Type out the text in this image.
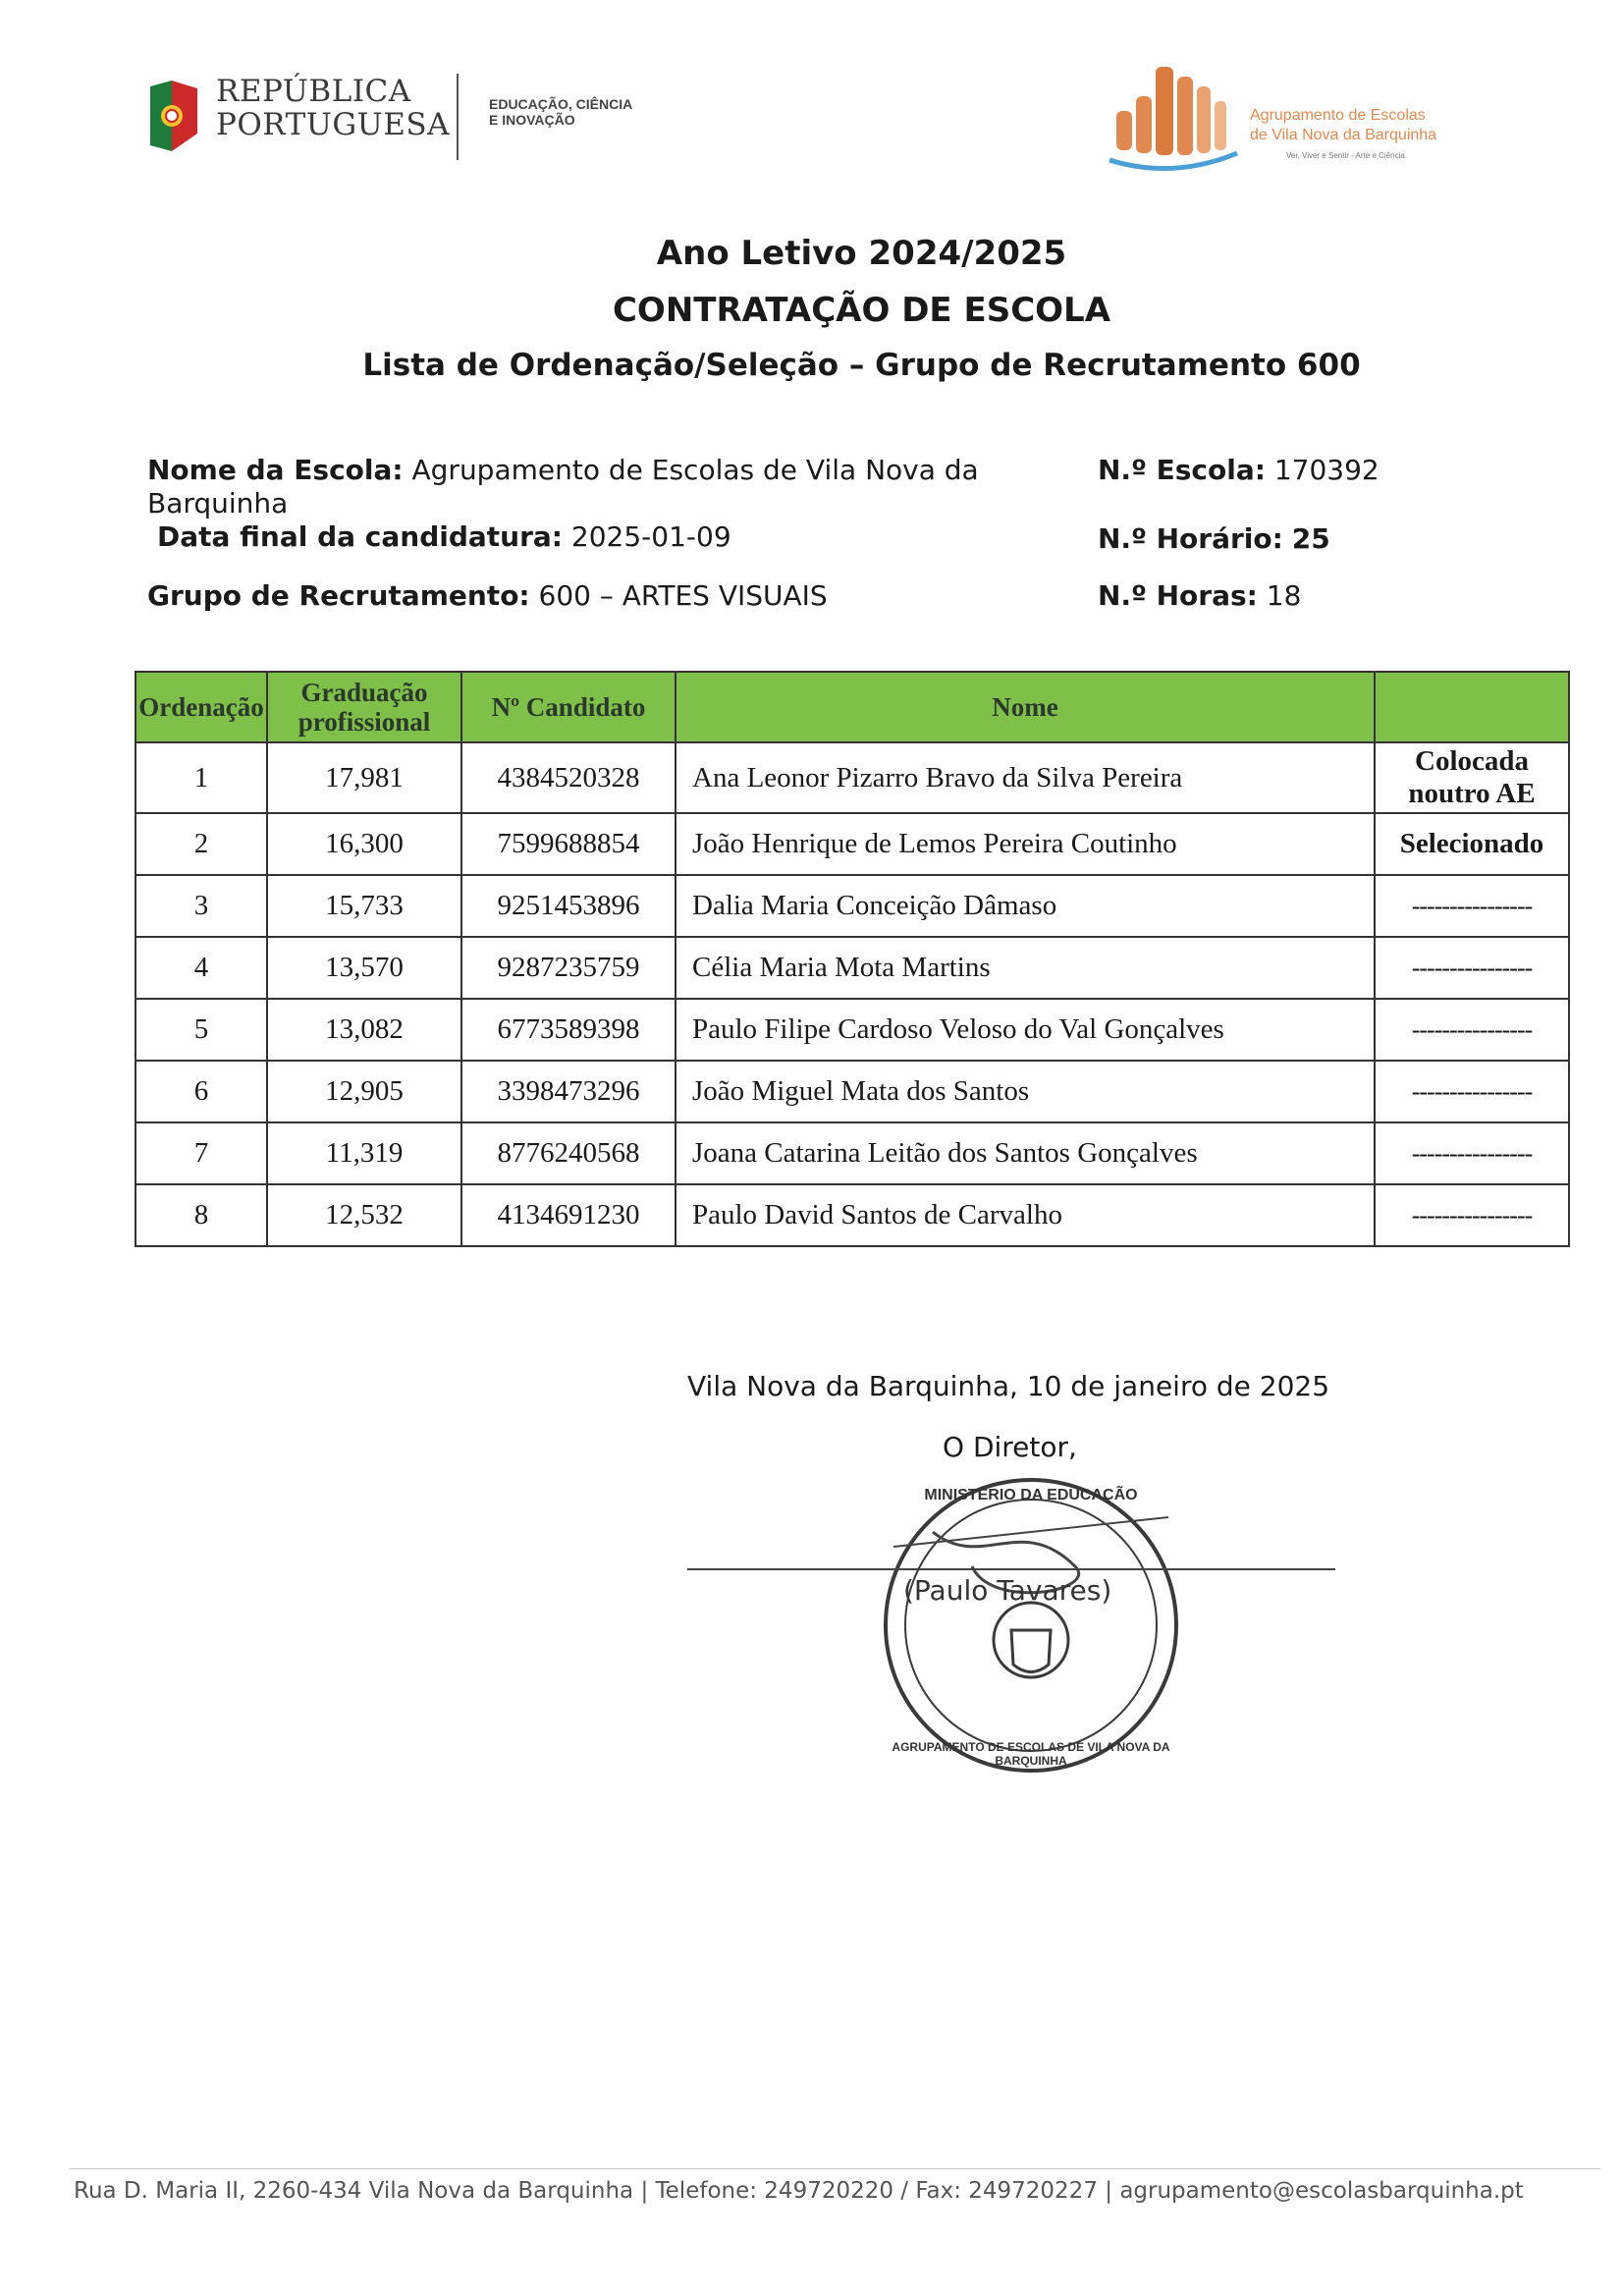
REPÚBLICA
PORTUGUESA
EDUCAÇÃO, CIÊNCIA
E INOVAÇÃO	Agrupamento de Escolas
de Vila Nova da Barquinha
Ver, Viver e Sentir - Arte e Ciência
Ano Letivo 2024/2025
CONTRATAÇÃO DE ESCOLA
Lista de Ordenação/Seleção – Grupo de Recrutamento 600
Nome da Escola: Agrupamento de Escolas de Vila Nova da Barquinha
Data final da candidatura: 2025-01-09
Grupo de Recrutamento: 600 – ARTES VISUAIS
N.º Escola: 170392
N.º Horário: 25
N.º Horas: 18
Ordenação	Graduação profissional	Nº Candidato	Nome	
1	17,981	4384520328	Ana Leonor Pizarro Bravo da Silva Pereira	Colocada noutro AE
2	16,300	7599688854	João Henrique de Lemos Pereira Coutinho	Selecionado
3	15,733	9251453896	Dalia Maria Conceição Dâmaso	----------------
4	13,570	9287235759	Célia Maria Mota Martins	----------------
5	13,082	6773589398	Paulo Filipe Cardoso Veloso do Val Gonçalves	----------------
6	12,905	3398473296	João Miguel Mata dos Santos	----------------
7	11,319	8776240568	Joana Catarina Leitão dos Santos Gonçalves	----------------
8	12,532	4134691230	Paulo David Santos de Carvalho	----------------
Vila Nova da Barquinha, 10 de janeiro de 2025
O Diretor,
MINISTÉRIO DA EDUCAÇÃO
AGRUPAMENTO DE ESCOLAS DE VILA NOVA DA BARQUINHA
(Paulo Tavares)
Rua D. Maria II, 2260-434 Vila Nova da Barquinha | Telefone: 249720220 / Fax: 249720227 | agrupamento@escolasbarquinha.pt
